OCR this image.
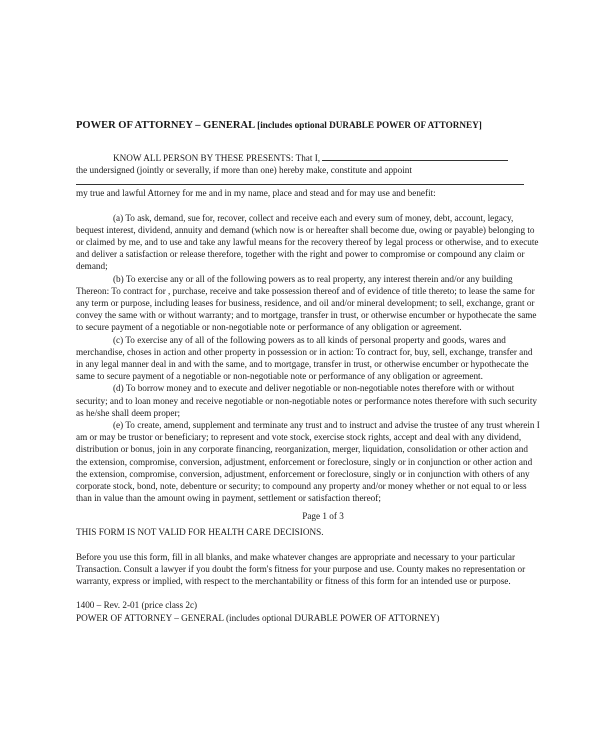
POWER OF ATTORNEY – GENERAL [includes optional DURABLE POWER OF ATTORNEY]
KNOW ALL PERSON BY THESE PRESENTS: That I,
the undersigned (jointly or severally, if more than one) hereby make, constitute and appoint
my true and lawful Attorney for me and in my name, place and stead and for may use and benefit:

(a) To ask, demand, sue for, recover, collect and receive each and every sum of money, debt, account, legacy, bequest interest, dividend, annuity and demand (which now is or hereafter shall become due, owing or payable) belonging to or claimed by me, and to use and take any lawful means for the recovery thereof by legal process or otherwise, and to execute and deliver a satisfaction or release therefore, together with the right and power to compromise or compound any claim or demand;

(b) To exercise any or all of the following powers as to real property, any interest therein and/or any building Thereon: To contract for , purchase, receive and take possession thereof and of evidence of title thereto; to lease the same for any term or purpose, including leases for business, residence, and oil and/or mineral development; to sell, exchange, grant or convey the same with or without warranty; and to mortgage, transfer in trust, or otherwise encumber or hypothecate the same to secure payment of a negotiable or non-negotiable note or performance of any obligation or agreement.

(c) To exercise any of all of the following powers as to all kinds of personal property and goods, wares and merchandise, choses in action and other property in possession or in action: To contract for, buy, sell, exchange, transfer and in any legal manner deal in and with the same, and to mortgage, transfer in trust, or otherwise encumber or hypothecate the same to secure payment of a negotiable or non-negotiable note or performance of any obligation or agreement.

(d) To borrow money and to execute and deliver negotiable or non-negotiable notes therefore with or without security; and to loan money and receive negotiable or non-negotiable notes or performance notes therefore with such security as he/she shall deem proper;

(e) To create, amend, supplement and terminate any trust and to instruct and advise the trustee of any trust wherein I am or may be trustor or beneficiary; to represent and vote stock, exercise stock rights, accept and deal with any dividend, distribution or bonus, join in any corporate financing, reorganization, merger, liquidation, consolidation or other action and the extension, compromise, conversion, adjustment, enforcement or foreclosure, singly or in conjunction or other action and the extension, compromise, conversion, adjustment, enforcement or foreclosure, singly or in conjunction with others of any corporate stock, bond, note, debenture or security; to compound any property and/or money whether or not equal to or less than in value than the amount owing in payment, settlement or satisfaction thereof;

Page 1 of 3

THIS FORM IS NOT VALID FOR HEALTH CARE DECISIONS.

Before you use this form, fill in all blanks, and make whatever changes are appropriate and necessary to your particular Transaction. Consult a lawyer if you doubt the form's fitness for your purpose and use. County makes no representation or warranty, express or implied, with respect to the merchantability or fitness of this form for an intended use or purpose.

1400 – Rev. 2-01 (price class 2c)

POWER OF ATTORNEY – GENERAL (includes optional DURABLE POWER OF ATTORNEY)
